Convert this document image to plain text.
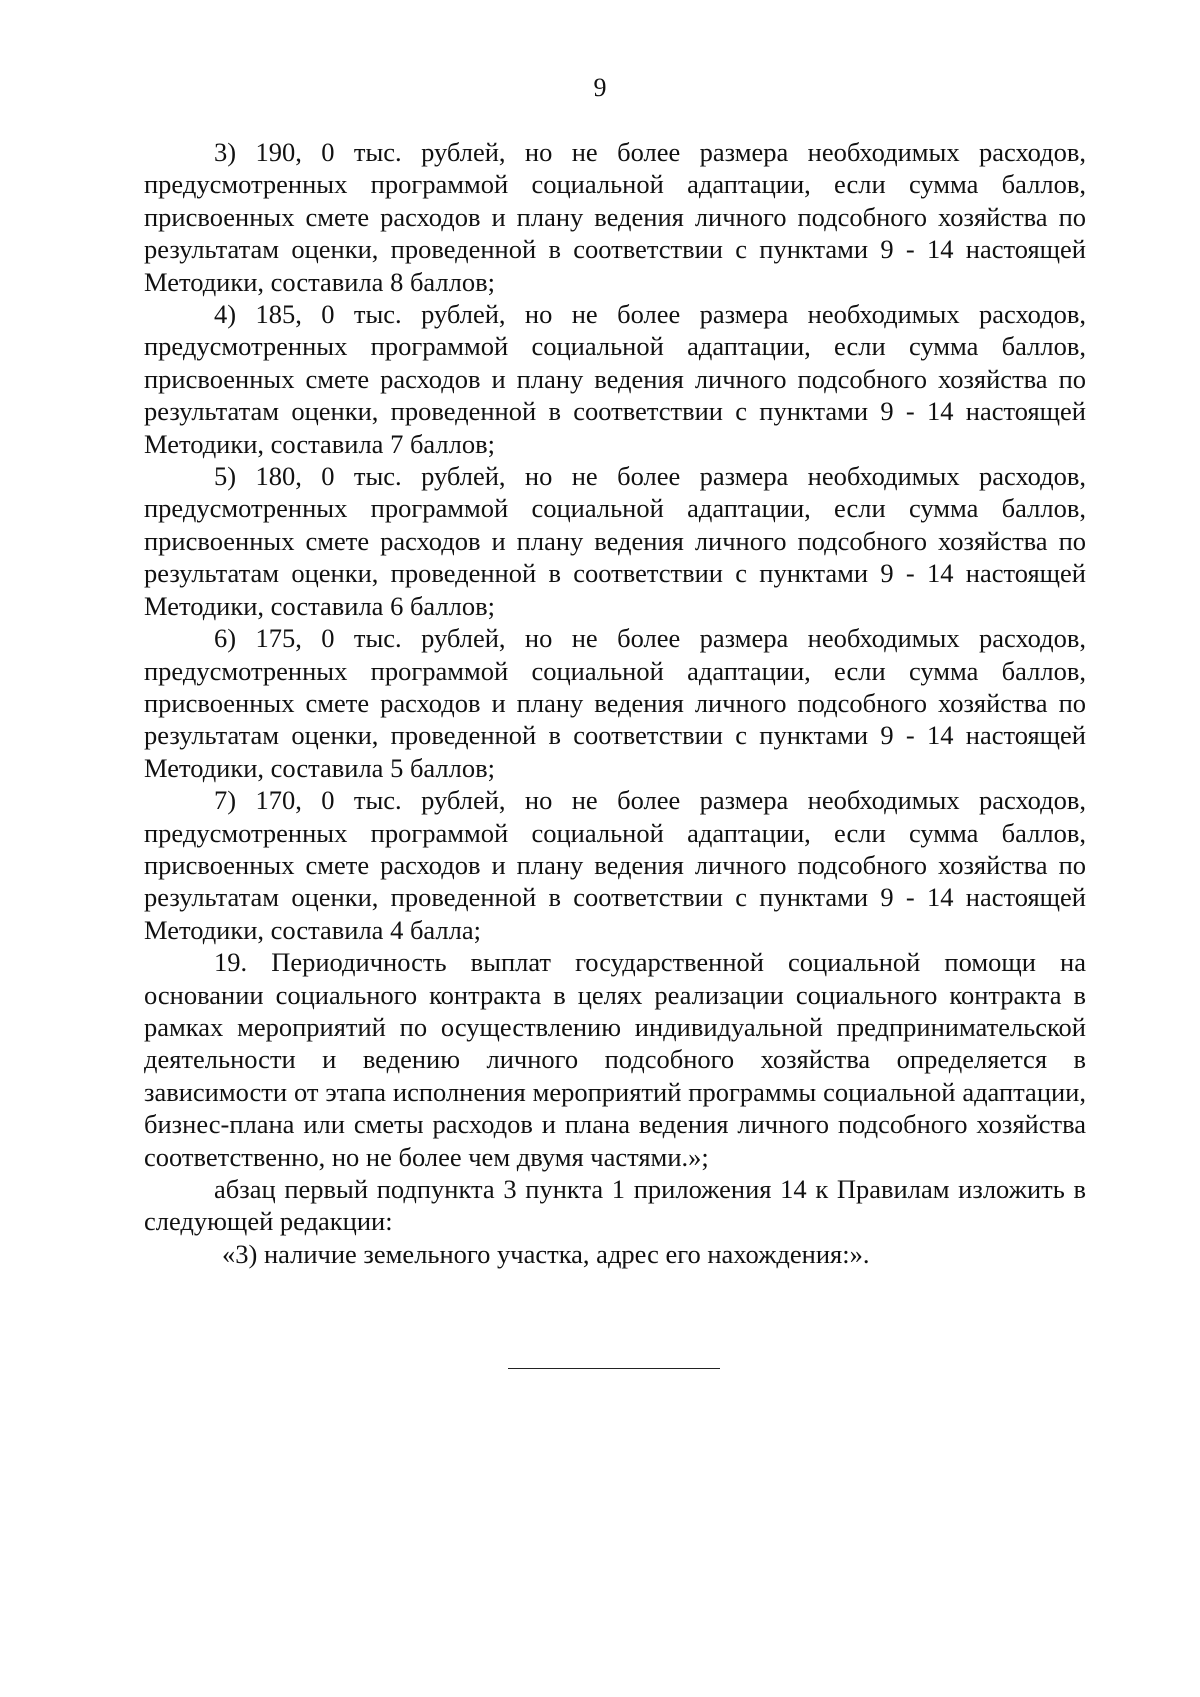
9

3) 190, 0 тыс. рублей, но не более размера необходимых расходов, предусмотренных программой социальной адаптации, если сумма баллов, присвоенных смете расходов и плану ведения личного подсобного хозяйства по результатам оценки, проведенной в соответствии с пунктами 9 - 14 настоящей Методики, составила 8 баллов;

4) 185, 0 тыс. рублей, но не более размера необходимых расходов, предусмотренных программой социальной адаптации, если сумма баллов, присвоенных смете расходов и плану ведения личного подсобного хозяйства по результатам оценки, проведенной в соответствии с пунктами 9 - 14 настоящей Методики, составила 7 баллов;

5) 180, 0 тыс. рублей, но не более размера необходимых расходов, предусмотренных программой социальной адаптации, если сумма баллов, присвоенных смете расходов и плану ведения личного подсобного хозяйства по результатам оценки, проведенной в соответствии с пунктами 9 - 14 настоящей Методики, составила 6 баллов;

6) 175, 0 тыс. рублей, но не более размера необходимых расходов, предусмотренных программой социальной адаптации, если сумма баллов, присвоенных смете расходов и плану ведения личного подсобного хозяйства по результатам оценки, проведенной в соответствии с пунктами 9 - 14 настоящей Методики, составила 5 баллов;

7) 170, 0 тыс. рублей, но не более размера необходимых расходов, предусмотренных программой социальной адаптации, если сумма баллов, присвоенных смете расходов и плану ведения личного подсобного хозяйства по результатам оценки, проведенной в соответствии с пунктами 9 - 14 настоящей Методики, составила 4 балла;

19. Периодичность выплат государственной социальной помощи на основании социального контракта в целях реализации социального контракта в рамках мероприятий по осуществлению индивидуальной предпринимательской деятельности и ведению личного подсобного хозяйства определяется в зависимости от этапа исполнения мероприятий программы социальной адаптации, бизнес-плана или сметы расходов и плана ведения личного подсобного хозяйства соответственно, но не более чем двумя частями.»;

абзац первый подпункта 3 пункта 1 приложения 14 к Правилам изложить в следующей редакции:

«3) наличие земельного участка, адрес его нахождения:».
